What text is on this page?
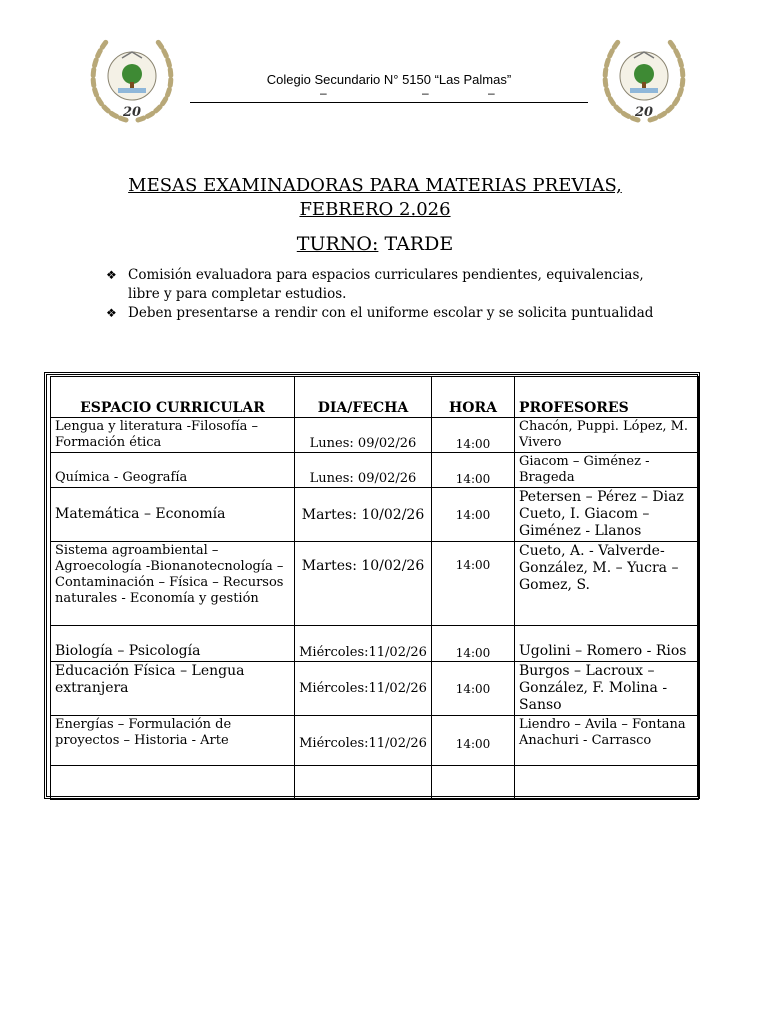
20	20
Colegio Secundario N° 5150 “Las Palmas”
–	–	–
MESAS EXAMINADORAS PARA MATERIAS PREVIAS,
FEBRERO 2.026
TURNO: TARDE
❖ Comisión evaluadora para espacios curriculares pendientes, equivalencias, libre y para completar estudios.
❖ Deben presentarse a rendir con el uniforme escolar y se solicita puntualidad
ESPACIO CURRICULAR	DIA/FECHA	HORA	PROFESORES
Lengua y literatura -Filosofía – Formación ética	Lunes: 09/02/26	14:00	Chacón, Puppi. López, M. Vivero
Química - Geografía	Lunes: 09/02/26	14:00	Giacom – Giménez - Brageda
Matemática – Economía	Martes: 10/02/26	14:00	Petersen – Pérez – Diaz Cueto, I. Giacom – Giménez - Llanos
Sistema agroambiental – Agroecología -Bionanotecnología – Contaminación – Física – Recursos naturales - Economía y gestión	Martes: 10/02/26	14:00	Cueto, A. - Valverde- González, M. – Yucra – Gomez, S.
Biología – Psicología	Miércoles:11/02/26	14:00	Ugolini – Romero - Rios
Educación Física – Lengua extranjera	Miércoles:11/02/26	14:00	Burgos – Lacroux – González, F. Molina - Sanso
Energías – Formulación de proyectos – Historia - Arte	Miércoles:11/02/26	14:00	Liendro – Avila – Fontana Anachuri - Carrasco
